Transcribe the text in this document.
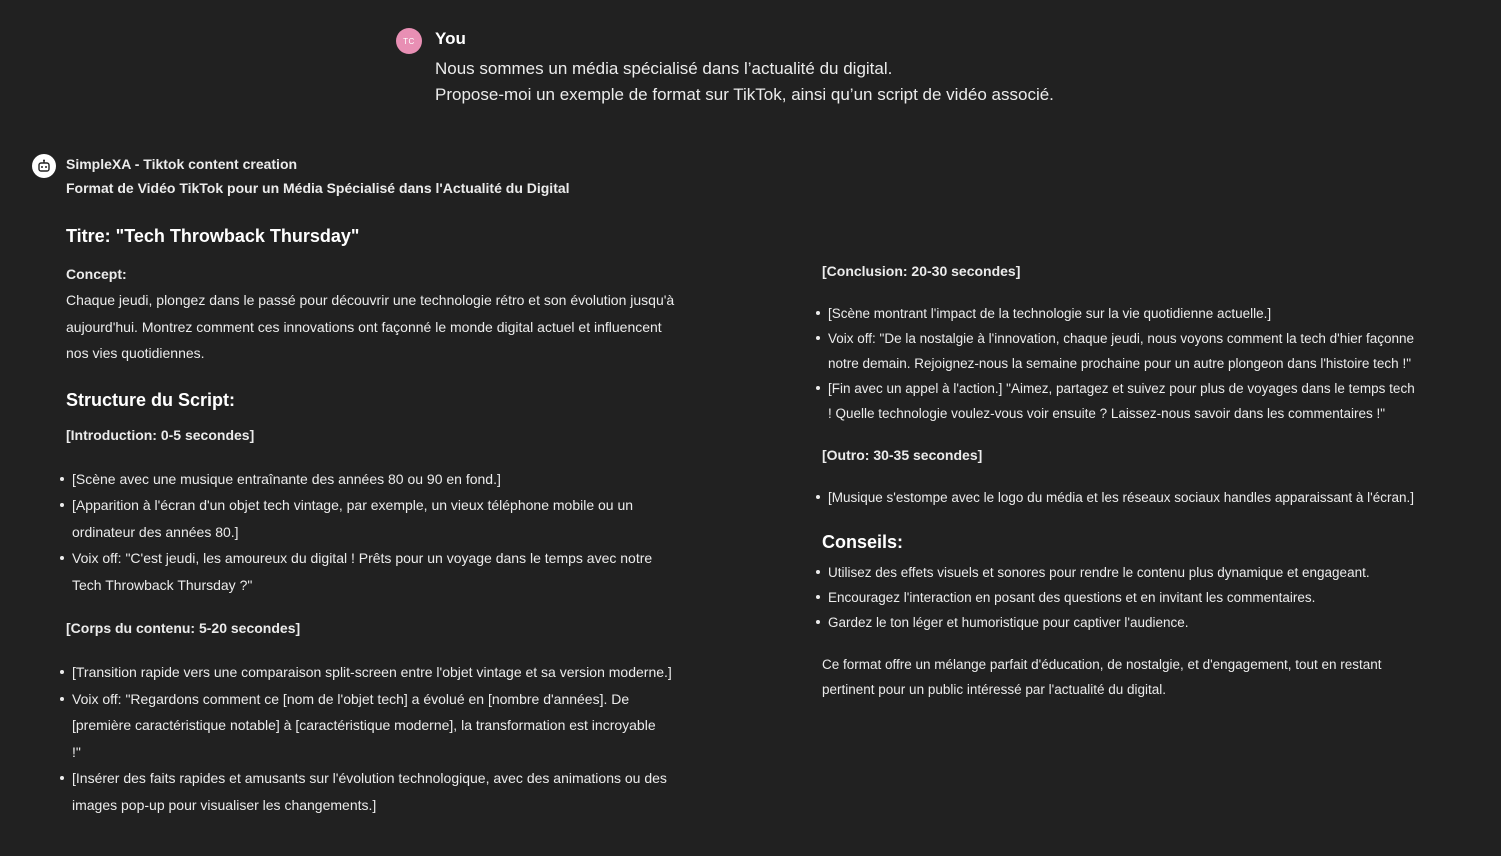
TC	You
Nous sommes un média spécialisé dans l’actualité du digital.
Propose-moi un exemple de format sur TikTok, ainsi qu’un script de vidéo associé.
SimpleXA - Tiktok content creation
Format de Vidéo TikTok pour un Média Spécialisé dans l'Actualité du Digital
Titre: "Tech Throwback Thursday"
Concept:
Chaque jeudi, plongez dans le passé pour découvrir une technologie rétro et son évolution jusqu'à
aujourd'hui. Montrez comment ces innovations ont façonné le monde digital actuel et influencent
nos vies quotidiennes.
Structure du Script:
[Introduction: 0-5 secondes]
[Scène avec une musique entraînante des années 80 ou 90 en fond.]
[Apparition à l'écran d'un objet tech vintage, par exemple, un vieux téléphone mobile ou un
ordinateur des années 80.]
Voix off: "C'est jeudi, les amoureux du digital ! Prêts pour un voyage dans le temps avec notre
Tech Throwback Thursday ?"
[Corps du contenu: 5-20 secondes]
[Transition rapide vers une comparaison split-screen entre l'objet vintage et sa version moderne.]
Voix off: "Regardons comment ce [nom de l'objet tech] a évolué en [nombre d'années]. De
[première caractéristique notable] à [caractéristique moderne], la transformation est incroyable
!"
[Insérer des faits rapides et amusants sur l'évolution technologique, avec des animations ou des
images pop-up pour visualiser les changements.]
[Conclusion: 20-30 secondes]
[Scène montrant l'impact de la technologie sur la vie quotidienne actuelle.]
Voix off: "De la nostalgie à l'innovation, chaque jeudi, nous voyons comment la tech d'hier façonne
notre demain. Rejoignez-nous la semaine prochaine pour un autre plongeon dans l'histoire tech !"
[Fin avec un appel à l'action.] "Aimez, partagez et suivez pour plus de voyages dans le temps tech
! Quelle technologie voulez-vous voir ensuite ? Laissez-nous savoir dans les commentaires !"
[Outro: 30-35 secondes]
[Musique s'estompe avec le logo du média et les réseaux sociaux handles apparaissant à l'écran.]
Conseils:
Utilisez des effets visuels et sonores pour rendre le contenu plus dynamique et engageant.
Encouragez l'interaction en posant des questions et en invitant les commentaires.
Gardez le ton léger et humoristique pour captiver l'audience.
Ce format offre un mélange parfait d'éducation, de nostalgie, et d'engagement, tout en restant
pertinent pour un public intéressé par l'actualité du digital.
